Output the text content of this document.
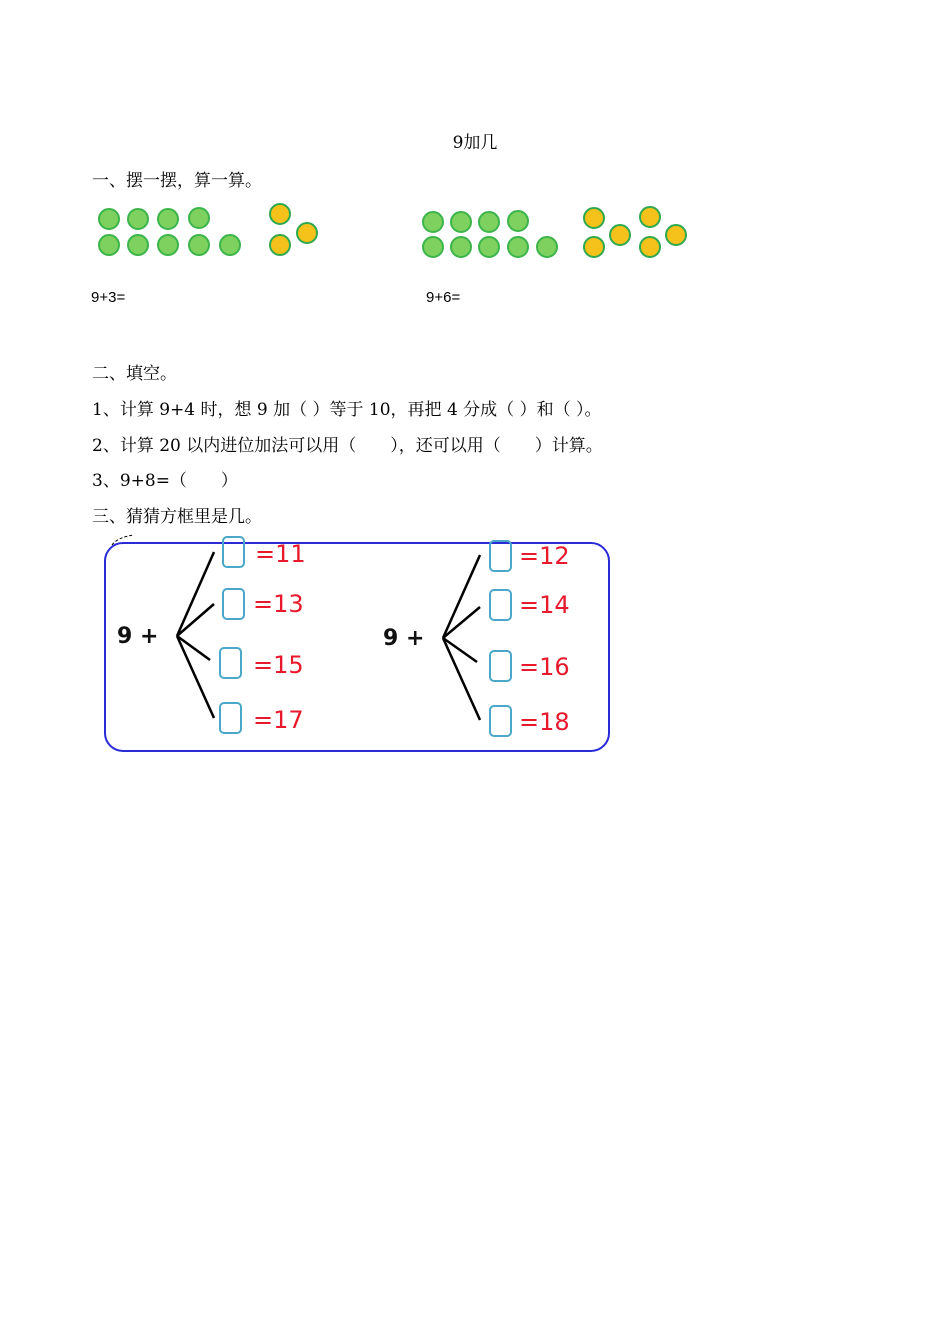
9加几
一、摆一摆，算一算。
9+3=	9+6=
二、填空。
1、计算 9+4 时，想 9 加（ ）等于 10，再把 4 分成（ ）和（ ）。
2、计算 20 以内进位加法可以用（　　），还可以用（　　）计算。
3、9+8=（　　）
三、猜猜方框里是几。
9 +
=11
=13
=15
=17
9 +
=12
=14
=16
=18
